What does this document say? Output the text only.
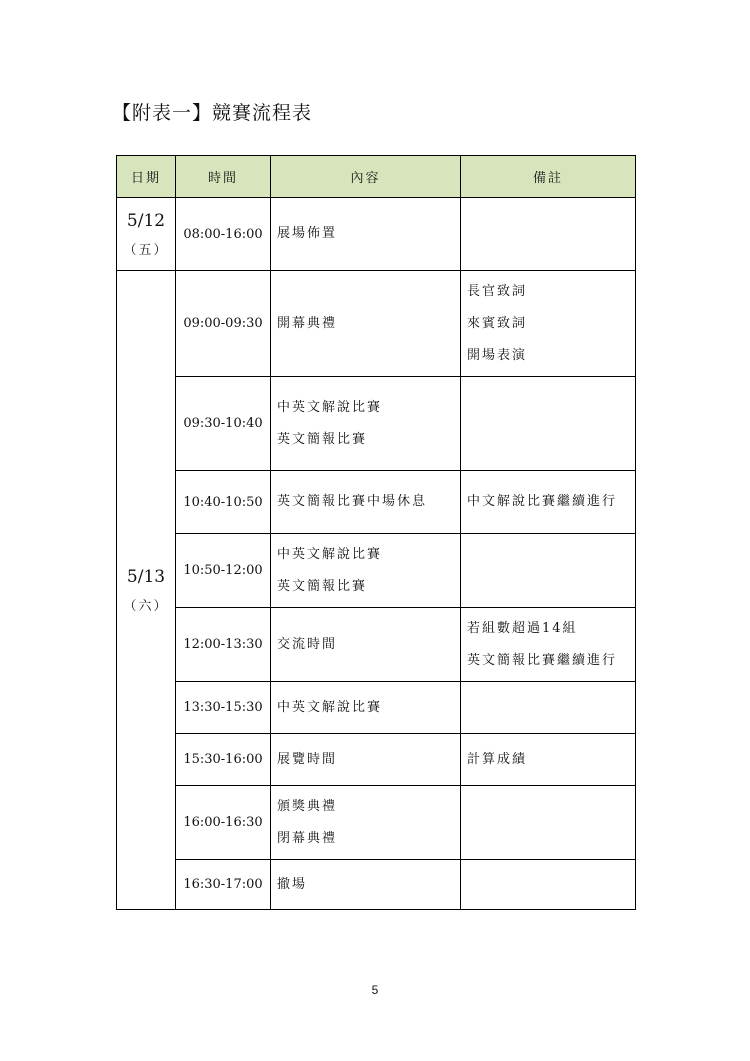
【附表一】競賽流程表
日期	時間	內容	備註

5/12
（五）	08:00-16:00	展場佈置	

5/13
（六）	09:00-09:30	開幕典禮	長官致詞
來賓致詞
開場表演

	09:30-10:40	中英文解說比賽
英文簡報比賽	

	10:40-10:50	英文簡報比賽中場休息	中文解說比賽繼續進行

	10:50-12:00	中英文解說比賽
英文簡報比賽	

	12:00-13:30	交流時間	若組數超過14組
英文簡報比賽繼續進行

	13:30-15:30	中英文解說比賽	

	15:30-16:00	展覽時間	計算成績

	16:00-16:30	頒獎典禮
閉幕典禮	

	16:30-17:00	撤場	

5
